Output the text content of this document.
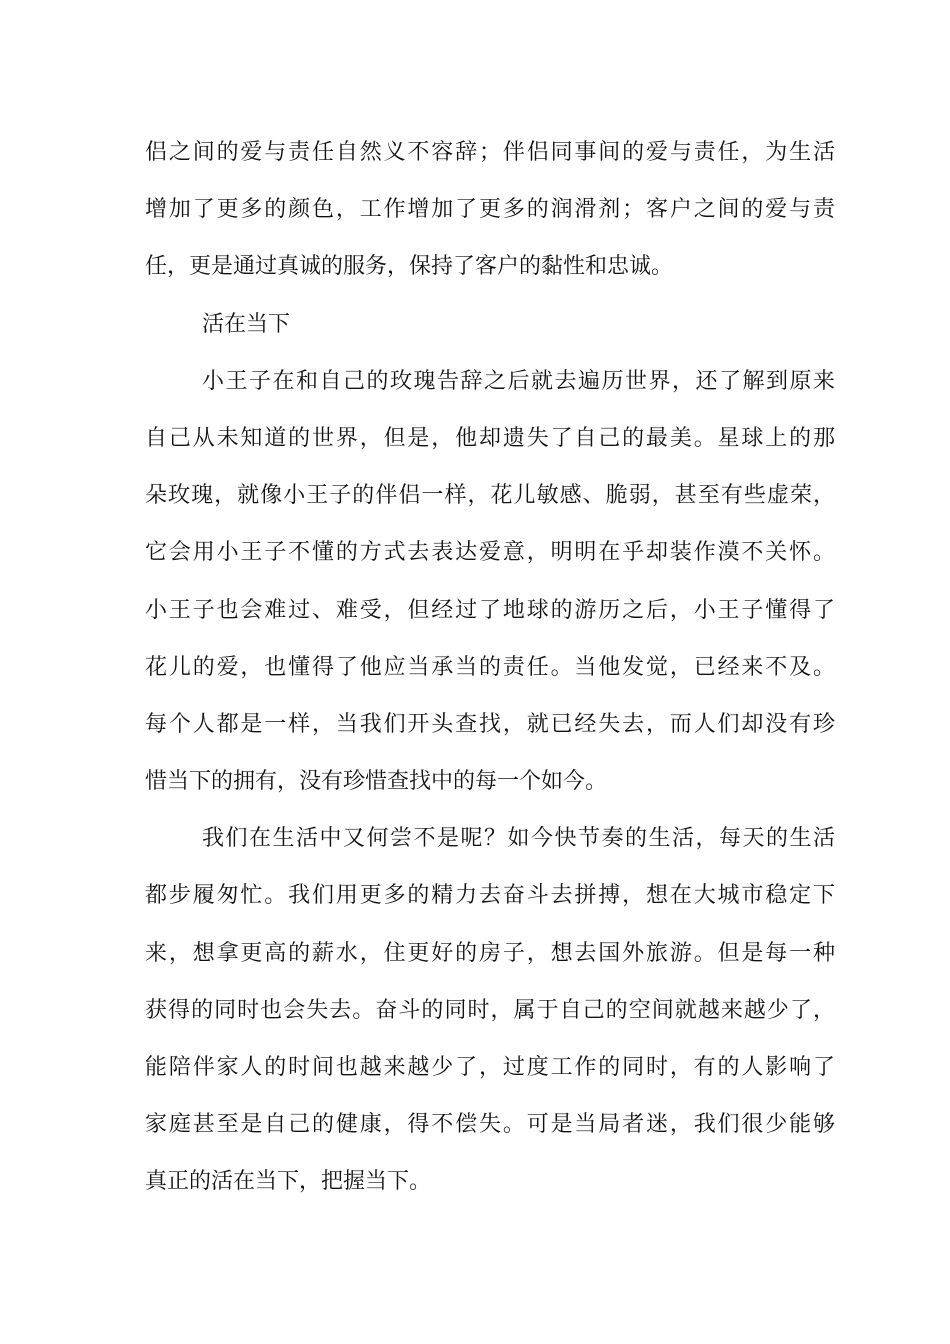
侣之间的爱与责任自然义不容辞；伴侣同事间的爱与责任，为生活
增加了更多的颜色，工作增加了更多的润滑剂；客户之间的爱与责
任，更是通过真诚的服务，保持了客户的黏性和忠诚。
活在当下
小王子在和自己的玫瑰告辞之后就去遍历世界，还了解到原来
自己从未知道的世界，但是，他却遗失了自己的最美。星球上的那
朵玫瑰，就像小王子的伴侣一样，花儿敏感、脆弱，甚至有些虚荣，
它会用小王子不懂的方式去表达爱意，明明在乎却装作漠不关怀。
小王子也会难过、难受，但经过了地球的游历之后，小王子懂得了
花儿的爱，也懂得了他应当承当的责任。当他发觉，已经来不及。
每个人都是一样，当我们开头查找，就已经失去，而人们却没有珍
惜当下的拥有，没有珍惜查找中的每一个如今。
我们在生活中又何尝不是呢？如今快节奏的生活，每天的生活
都步履匆忙。我们用更多的精力去奋斗去拼搏，想在大城市稳定下
来，想拿更高的薪水，住更好的房子，想去国外旅游。但是每一种
获得的同时也会失去。奋斗的同时，属于自己的空间就越来越少了，
能陪伴家人的时间也越来越少了，过度工作的同时，有的人影响了
家庭甚至是自己的健康，得不偿失。可是当局者迷，我们很少能够
真正的活在当下，把握当下。
